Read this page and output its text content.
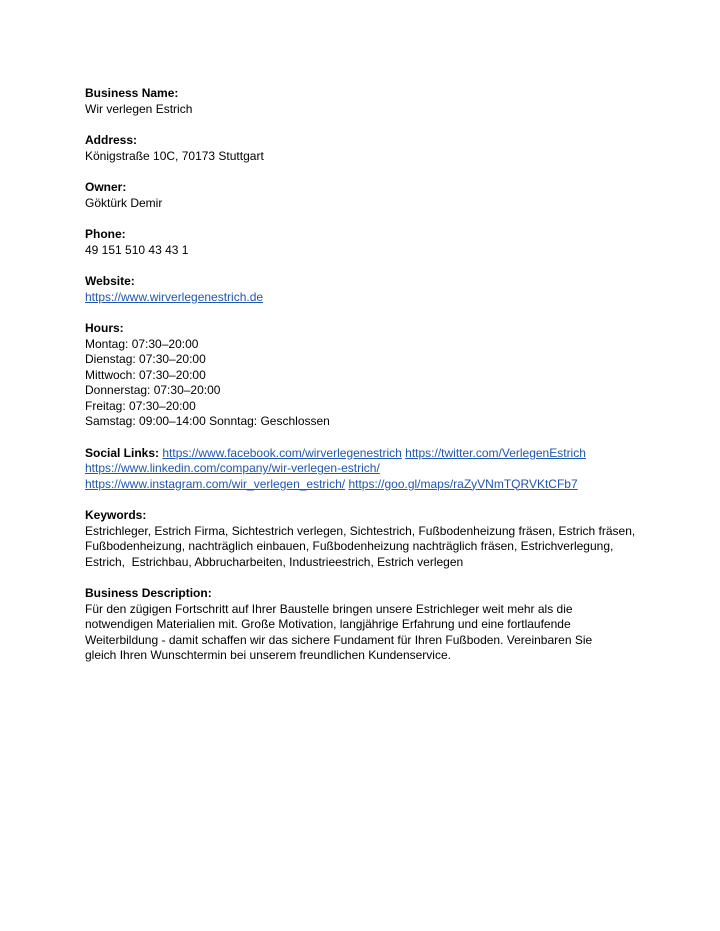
Business Name:
Wir verlegen Estrich
Address:
Königstraße 10C, 70173 Stuttgart
Owner:
Göktürk Demir
Phone:
49 151 510 43 43 1
Website:
https://www.wirverlegenestrich.de
Hours:
Montag: 07:30–20:00
Dienstag: 07:30–20:00
Mittwoch: 07:30–20:00
Donnerstag: 07:30–20:00
Freitag: 07:30–20:00
Samstag: 09:00–14:00 Sonntag: Geschlossen
Social Links: https://www.facebook.com/wirverlegenestrich https://twitter.com/VerlegenEstrich
https://www.linkedin.com/company/wir-verlegen-estrich/
https://www.instagram.com/wir_verlegen_estrich/ https://goo.gl/maps/raZyVNmTQRVKtCFb7
Keywords:
Estrichleger, Estrich Firma, Sichtestrich verlegen, Sichtestrich, Fußbodenheizung fräsen, Estrich fräsen,
Fußbodenheizung, nachträglich einbauen, Fußbodenheizung nachträglich fräsen, Estrichverlegung,
Estrich,  Estrichbau, Abbrucharbeiten, Industrieestrich, Estrich verlegen
Business Description:
Für den zügigen Fortschritt auf Ihrer Baustelle bringen unsere Estrichleger weit mehr als die
notwendigen Materialien mit. Große Motivation, langjährige Erfahrung und eine fortlaufende
Weiterbildung - damit schaffen wir das sichere Fundament für Ihren Fußboden. Vereinbaren Sie
gleich Ihren Wunschtermin bei unserem freundlichen Kundenservice.
